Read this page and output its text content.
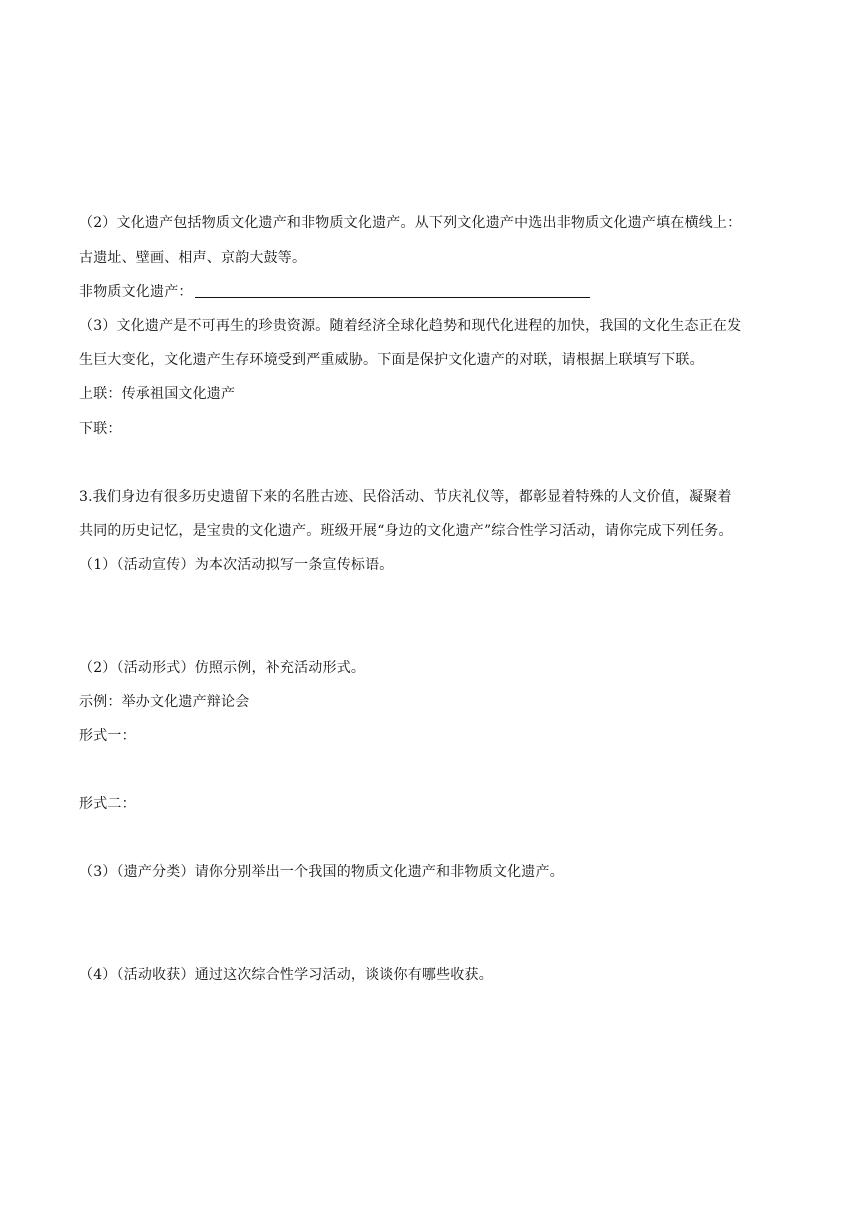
（2）文化遗产包括物质文化遗产和非物质文化遗产。从下列文化遗产中选出非物质文化遗产填在横线上：
古遗址、壁画、相声、京韵大鼓等。
非物质文化遗产：
（3）文化遗产是不可再生的珍贵资源。随着经济全球化趋势和现代化进程的加快，我国的文化生态正在发
生巨大变化，文化遗产生存环境受到严重威胁。下面是保护文化遗产的对联，请根据上联填写下联。
上联：传承祖国文化遗产
下联：
3.我们身边有很多历史遗留下来的名胜古迹、民俗活动、节庆礼仪等，都彰显着特殊的人文价值，凝聚着
共同的历史记忆，是宝贵的文化遗产。班级开展“身边的文化遗产”综合性学习活动，请你完成下列任务。
（1）（活动宣传）为本次活动拟写一条宣传标语。
（2）（活动形式）仿照示例，补充活动形式。
示例：举办文化遗产辩论会
形式一：
形式二：
（3）（遗产分类）请你分别举出一个我国的物质文化遗产和非物质文化遗产。
（4）（活动收获）通过这次综合性学习活动，谈谈你有哪些收获。
